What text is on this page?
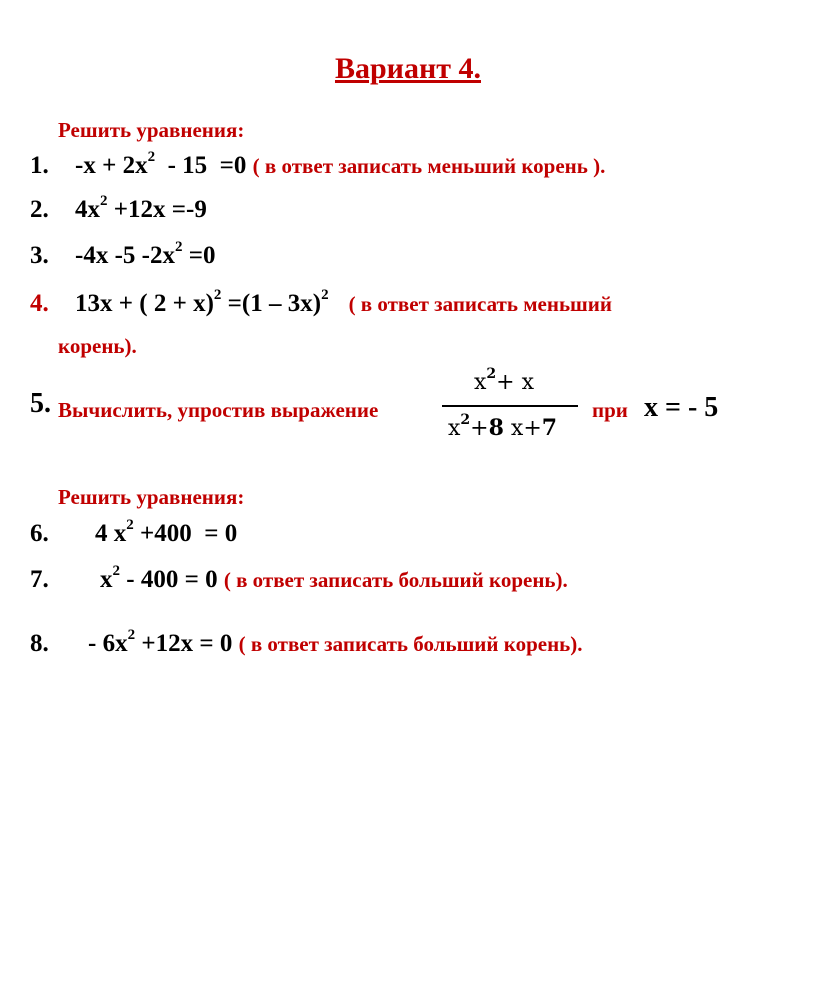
Вариант 4.
Решить уравнения:
1. $-x + 2x^2 - 15 =0$ ( в ответ записать меньший корень ).
2. $4x^2 +12x =-9$
3. -4x -5 $-2x^2 =0$
4. 13x + ( 2 + x)$^2$ =(1 – 3x)$^2$ ( в ответ записать меньший
корень).
5. Вычислить, упростив выражение
$x^2+ x$
$x^2+8$ x+7
при x = - 5
Решить уравнения:
6. 4 $x^2 +400 = 0$
7. $x^2 - 400 = 0$ ( в ответ записать больший корень).
8. - $6x^2 +12x = 0$ ( в ответ записать больший корень).
